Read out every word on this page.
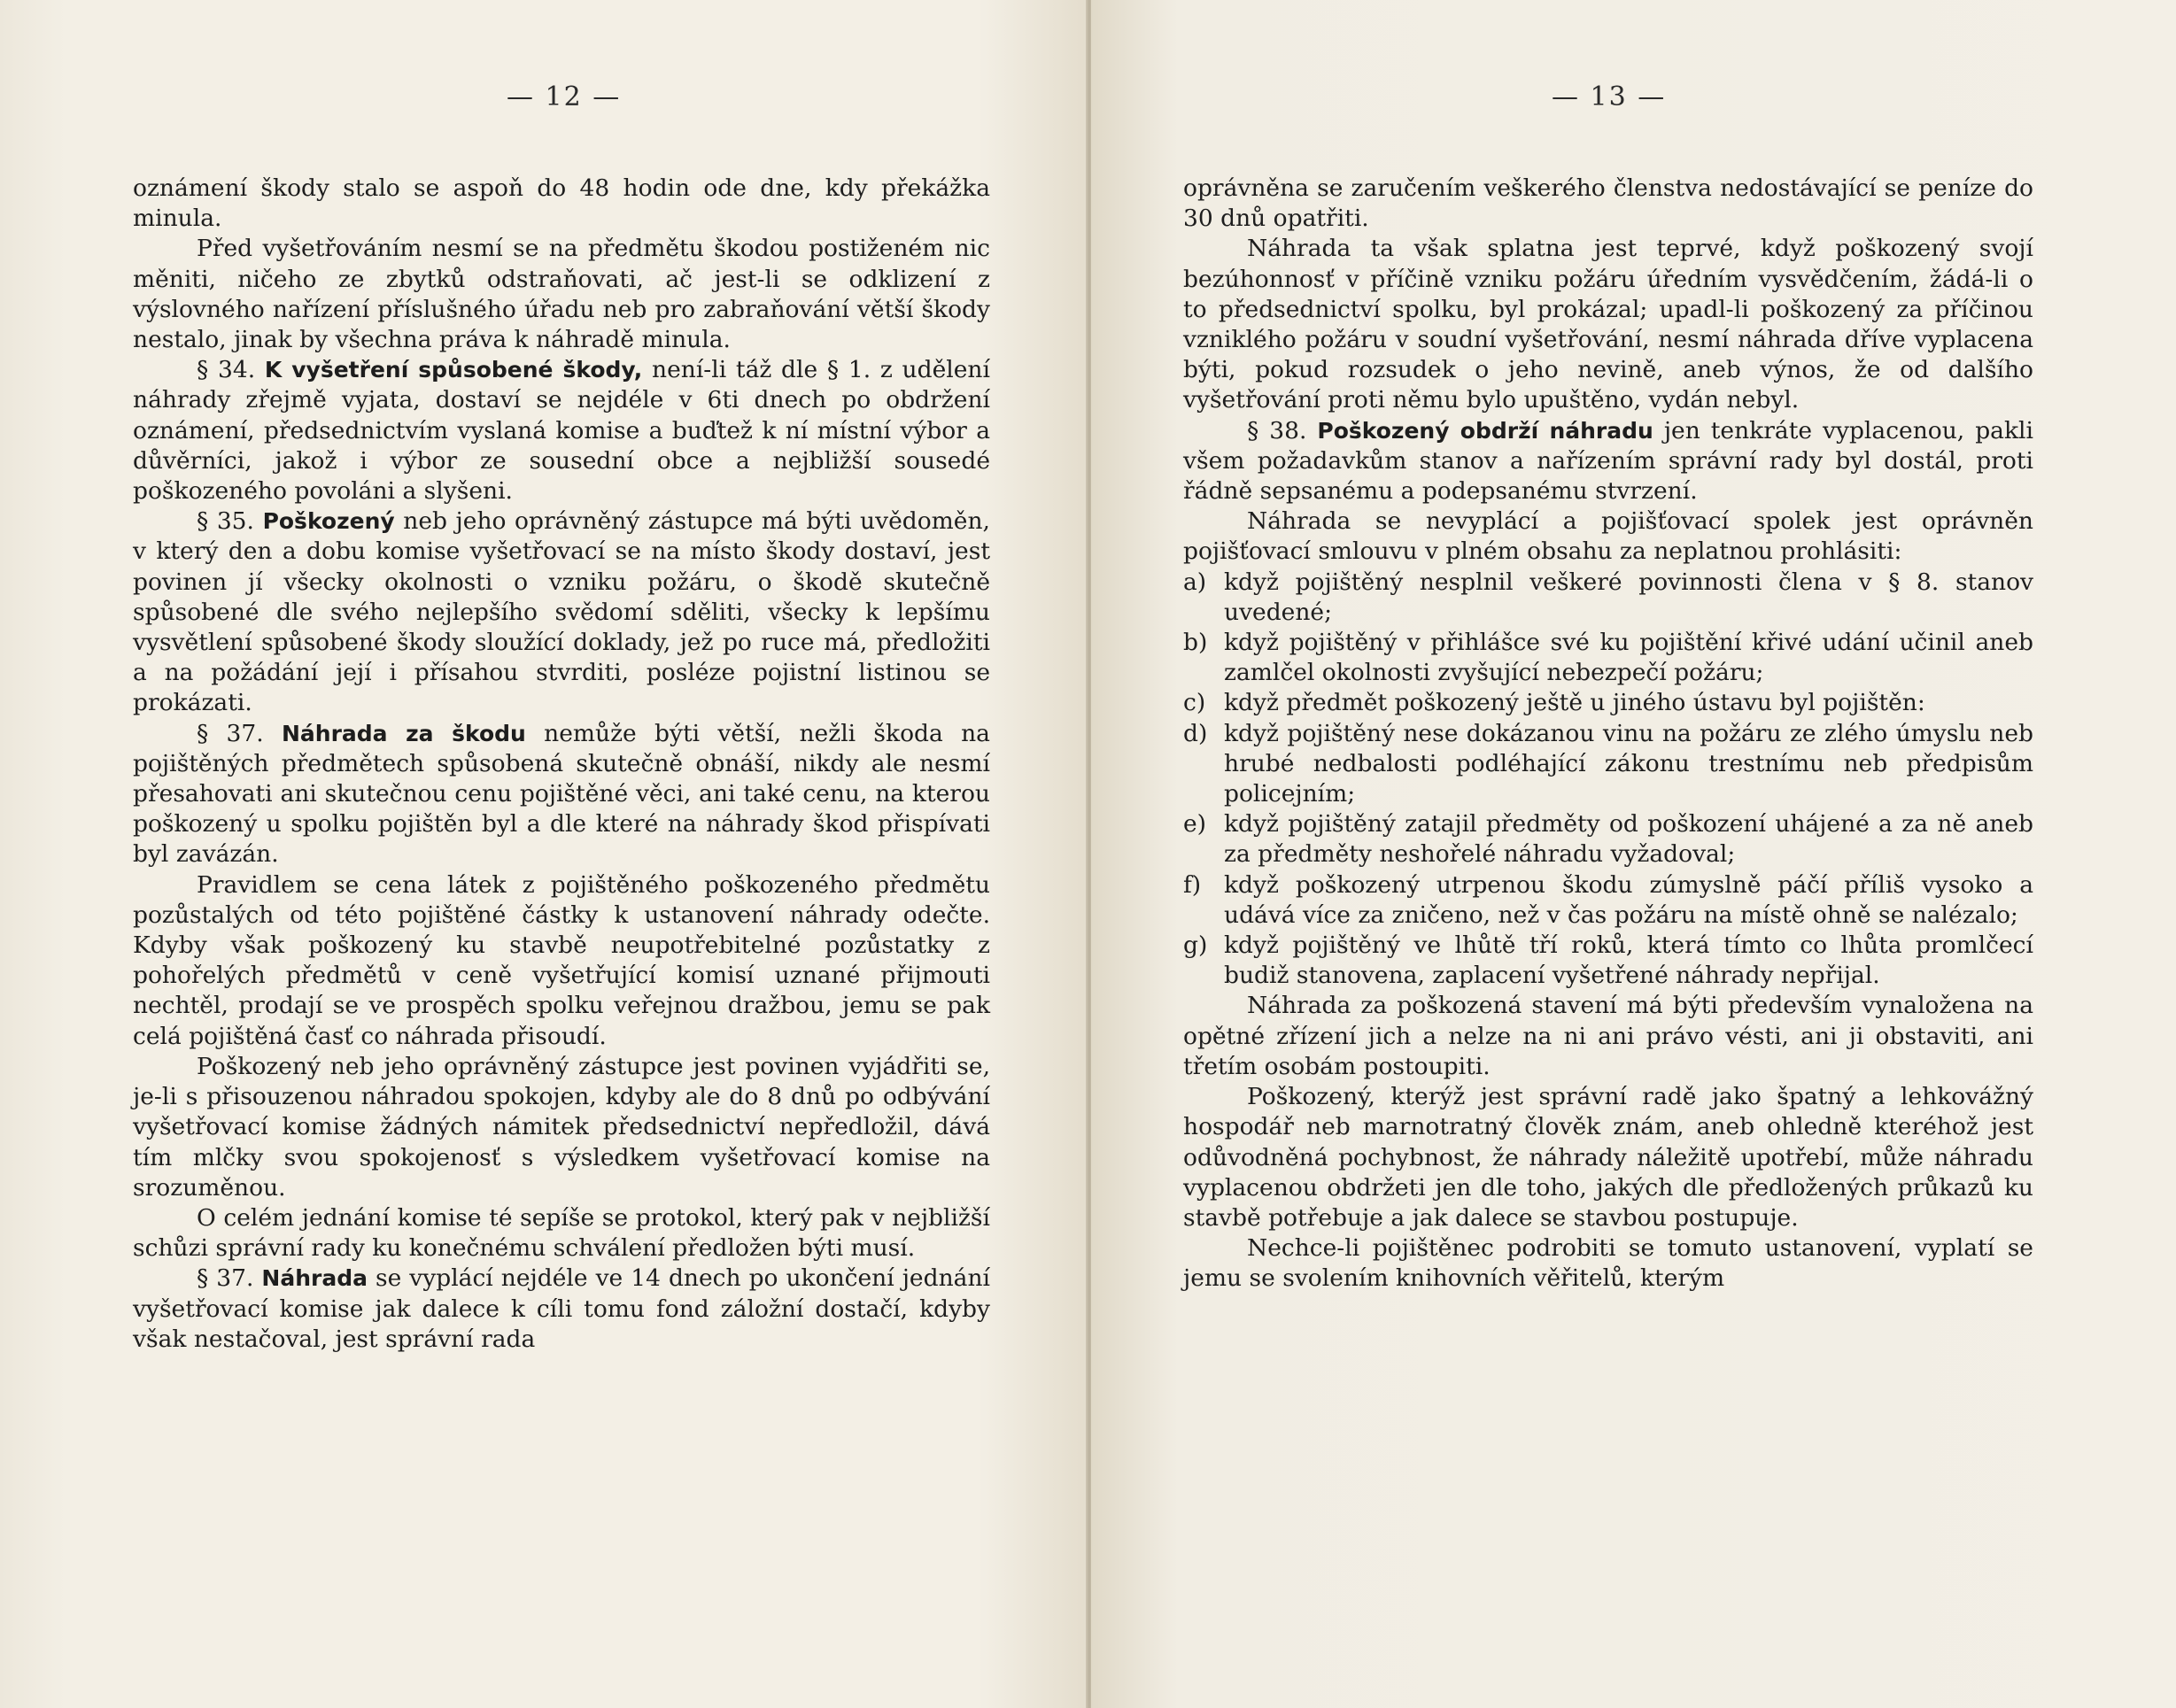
— 12 —

oznámení škody stalo se aspoň do 48 hodin ode dne, kdy překážka minula.

Před vyšetřováním nesmí se na předmětu škodou postiženém nic měniti, ničeho ze zbytků odstraňovati, ač jest-li se odklizení z výslovného nařízení příslušného úřadu neb pro zabraňování větší škody nestalo, jinak by všechna práva k náhradě minula.

§ 34. K vyšetření spůsobené škody, není-li táž dle § 1. z udělení náhrady zřejmě vyjata, dostaví se nejdéle v 6ti dnech po obdržení oznámení, předsednictvím vyslaná komise a buďtež k ní místní výbor a důvěrníci, jakož i výbor ze sousední obce a nejbližší sousedé poškozeného povoláni a slyšeni.

§ 35. Poškozený neb jeho oprávněný zástupce má býti uvědoměn, v který den a dobu komise vyšetřovací se na místo škody dostaví, jest povinen jí všecky okolnosti o vzniku požáru, o škodě skutečně spůsobené dle svého nejlepšího svědomí sděliti, všecky k lepšímu vysvětlení spůsobené škody sloužící doklady, jež po ruce má, předložiti a na požádání její i přísahou stvrditi, posléze pojistní listinou se prokázati.

§ 37. Náhrada za škodu nemůže býti větší, nežli škoda na pojištěných předmětech spůsobená skutečně obnáší, nikdy ale nesmí přesahovati ani skutečnou cenu pojištěné věci, ani také cenu, na kterou poškozený u spolku pojištěn byl a dle které na náhrady škod přispívati byl zavázán.

Pravidlem se cena látek z pojištěného poškozeného předmětu pozůstalých od této pojištěné částky k ustanovení náhrady odečte. Kdyby však poškozený ku stavbě neupotřebitelné pozůstatky z pohořelých předmětů v ceně vyšetřující komisí uznané přijmouti nechtěl, prodají se ve prospěch spolku veřejnou dražbou, jemu se pak celá pojištěná časť co náhrada přisoudí.

Poškozený neb jeho oprávněný zástupce jest povinen vyjádřiti se, je-li s přisouzenou náhradou spokojen, kdyby ale do 8 dnů po odbývání vyšetřovací komise žádných námitek předsednictví nepředložil, dává tím mlčky svou spokojenosť s výsledkem vyšetřovací komise na srozuměnou.

O celém jednání komise té sepíše se protokol, který pak v nejbližší schůzi správní rady ku konečnému schválení předložen býti musí.

§ 37. Náhrada se vyplácí nejdéle ve 14 dnech po ukončení jednání vyšetřovací komise jak dalece k cíli tomu fond záložní dostačí, kdyby však nestačoval, jest správní rada

— 13 —

oprávněna se zaručením veškerého členstva nedostávající se peníze do 30 dnů opatřiti.

Náhrada ta však splatna jest teprvé, když poškozený svojí bezúhonnosť v příčině vzniku požáru úředním vysvědčením, žádá-li o to předsednictví spolku, byl prokázal; upadl-li poškozený za příčinou vzniklého požáru v soudní vyšetřování, nesmí náhrada dříve vyplacena býti, pokud rozsudek o jeho nevině, aneb výnos, že od dalšího vyšetřování proti němu bylo upuštěno, vydán nebyl.

§ 38. Poškozený obdrží náhradu jen tenkráte vyplacenou, pakli všem požadavkům stanov a nařízením správní rady byl dostál, proti řádně sepsanému a podepsanému stvrzení.

Náhrada se nevyplácí a pojišťovací spolek jest oprávněn pojišťovací smlouvu v plném obsahu za neplatnou prohlásiti:

a) když pojištěný nesplnil veškeré povinnosti člena v § 8. stanov uvedené;

b) když pojištěný v přihlášce své ku pojištění křivé udání učinil aneb zamlčel okolnosti zvyšující nebezpečí požáru;

c) když předmět poškozený ještě u jiného ústavu byl pojištěn:

d) když pojištěný nese dokázanou vinu na požáru ze zlého úmyslu neb hrubé nedbalosti podléhající zákonu trestnímu neb předpisům policejním;

e) když pojištěný zatajil předměty od poškození uhájené a za ně aneb za předměty neshořelé náhradu vyžadoval;

f) když poškozený utrpenou škodu zúmyslně páčí příliš vysoko a udává více za zničeno, než v čas požáru na místě ohně se nalézalo;

g) když pojištěný ve lhůtě tří roků, která tímto co lhůta promlčecí budiž stanovena, zaplacení vyšetřené náhrady nepřijal.

Náhrada za poškozená stavení má býti především vynaložena na opětné zřízení jich a nelze na ni ani právo vésti, ani ji obstaviti, ani třetím osobám postoupiti.

Poškozený, kterýž jest správní radě jako špatný a lehkovážný hospodář neb marnotratný člověk znám, aneb ohledně kteréhož jest odůvodněná pochybnost, že náhrady náležitě upotřebí, může náhradu vyplacenou obdržeti jen dle toho, jakých dle předložených průkazů ku stavbě potřebuje a jak dalece se stavbou postupuje.

Nechce-li pojištěnec podrobiti se tomuto ustanovení, vyplatí se jemu se svolením knihovních věřitelů, kterým
